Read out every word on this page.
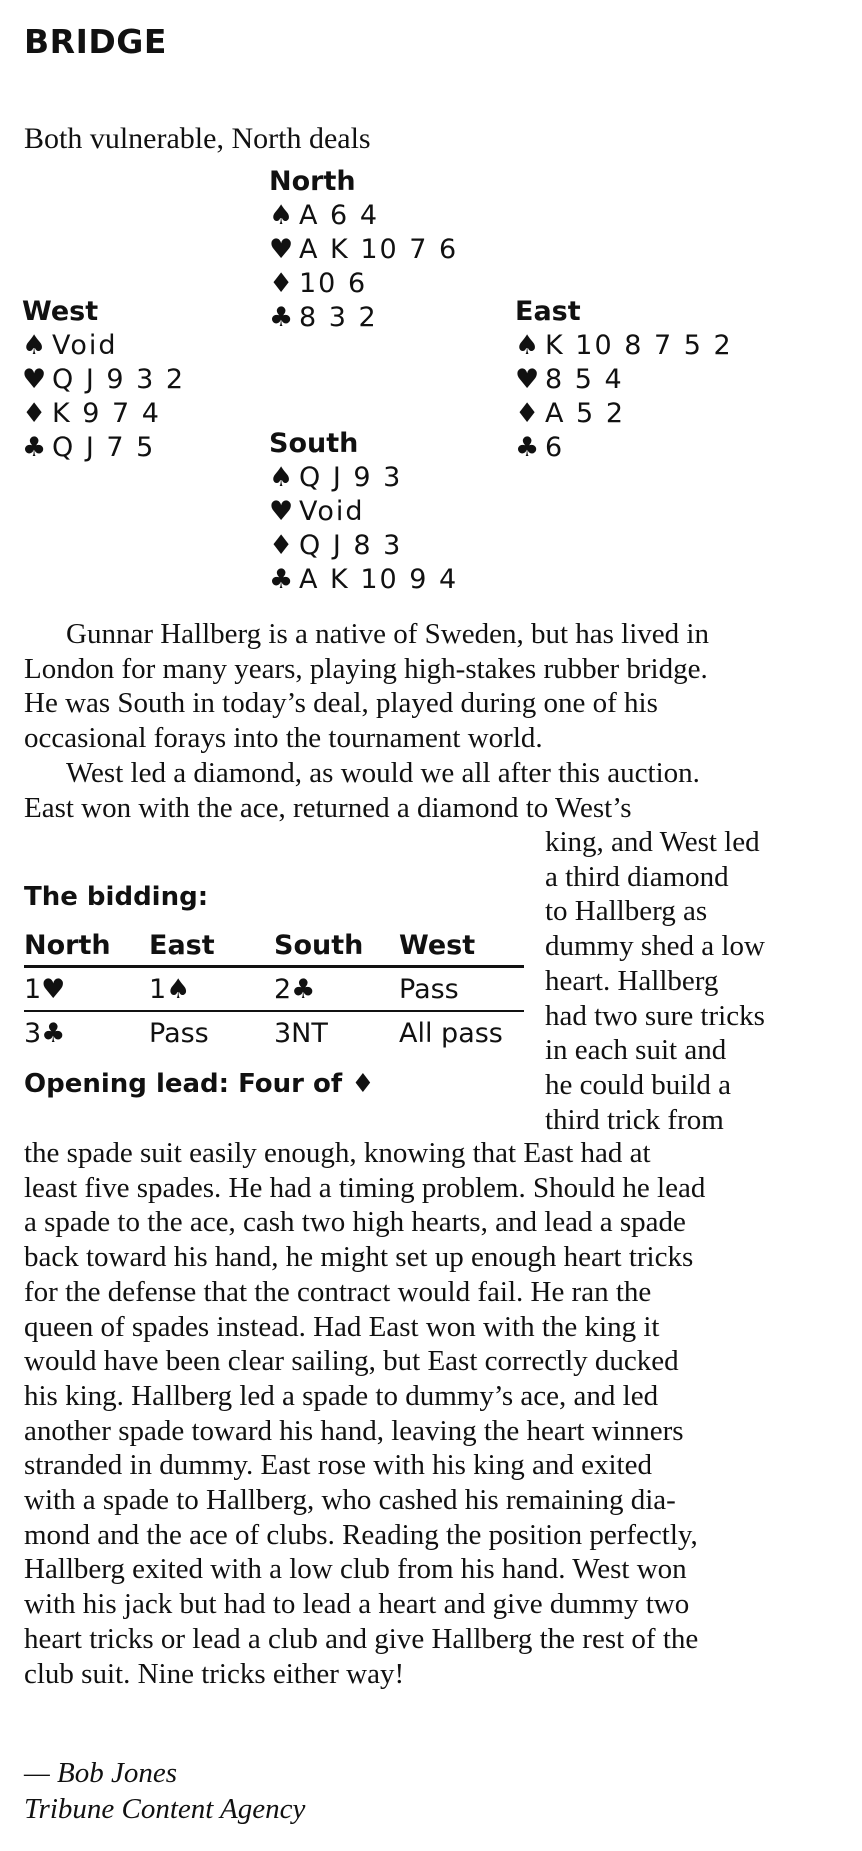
BRIDGE
Both vulnerable, North deals
North
♠ A 6 4
♥ A K 10 7 6
♦ 10 6
♣ 8 3 2
West
♠ Void
♥ Q J 9 3 2
♦ K 9 7 4
♣ Q J 7 5
East
♠ K 10 8 7 5 2
♥ 8 5 4
♦ A 5 2
♣ 6
South
♠ Q J 9 3
♥ Void
♦ Q J 8 3
♣ A K 10 9 4
Gunnar Hallberg is a native of Sweden, but has lived in
London for many years, playing high-stakes rubber bridge.
He was South in today’s deal, played during one of his
occasional forays into the tournament world.
West led a diamond, as would we all after this auction.
East won with the ace, returned a diamond to West’s
king, and West led
a third diamond
to Hallberg as
dummy shed a low
heart. Hallberg
had two sure tricks
in each suit and
he could build a
third trick from
The bidding:
North	East	South	West
1♥	1♠	2♣	Pass
3♣	Pass	3NT	All pass
Opening lead: Four of ♦
the spade suit easily enough, knowing that East had at
least five spades. He had a timing problem. Should he lead
a spade to the ace, cash two high hearts, and lead a spade
back toward his hand, he might set up enough heart tricks
for the defense that the contract would fail. He ran the
queen of spades instead. Had East won with the king it
would have been clear sailing, but East correctly ducked
his king. Hallberg led a spade to dummy’s ace, and led
another spade toward his hand, leaving the heart winners
stranded in dummy. East rose with his king and exited
with a spade to Hallberg, who cashed his remaining dia-
mond and the ace of clubs. Reading the position perfectly,
Hallberg exited with a low club from his hand. West won
with his jack but had to lead a heart and give dummy two
heart tricks or lead a club and give Hallberg the rest of the
club suit. Nine tricks either way!
— Bob Jones
Tribune Content Agency
